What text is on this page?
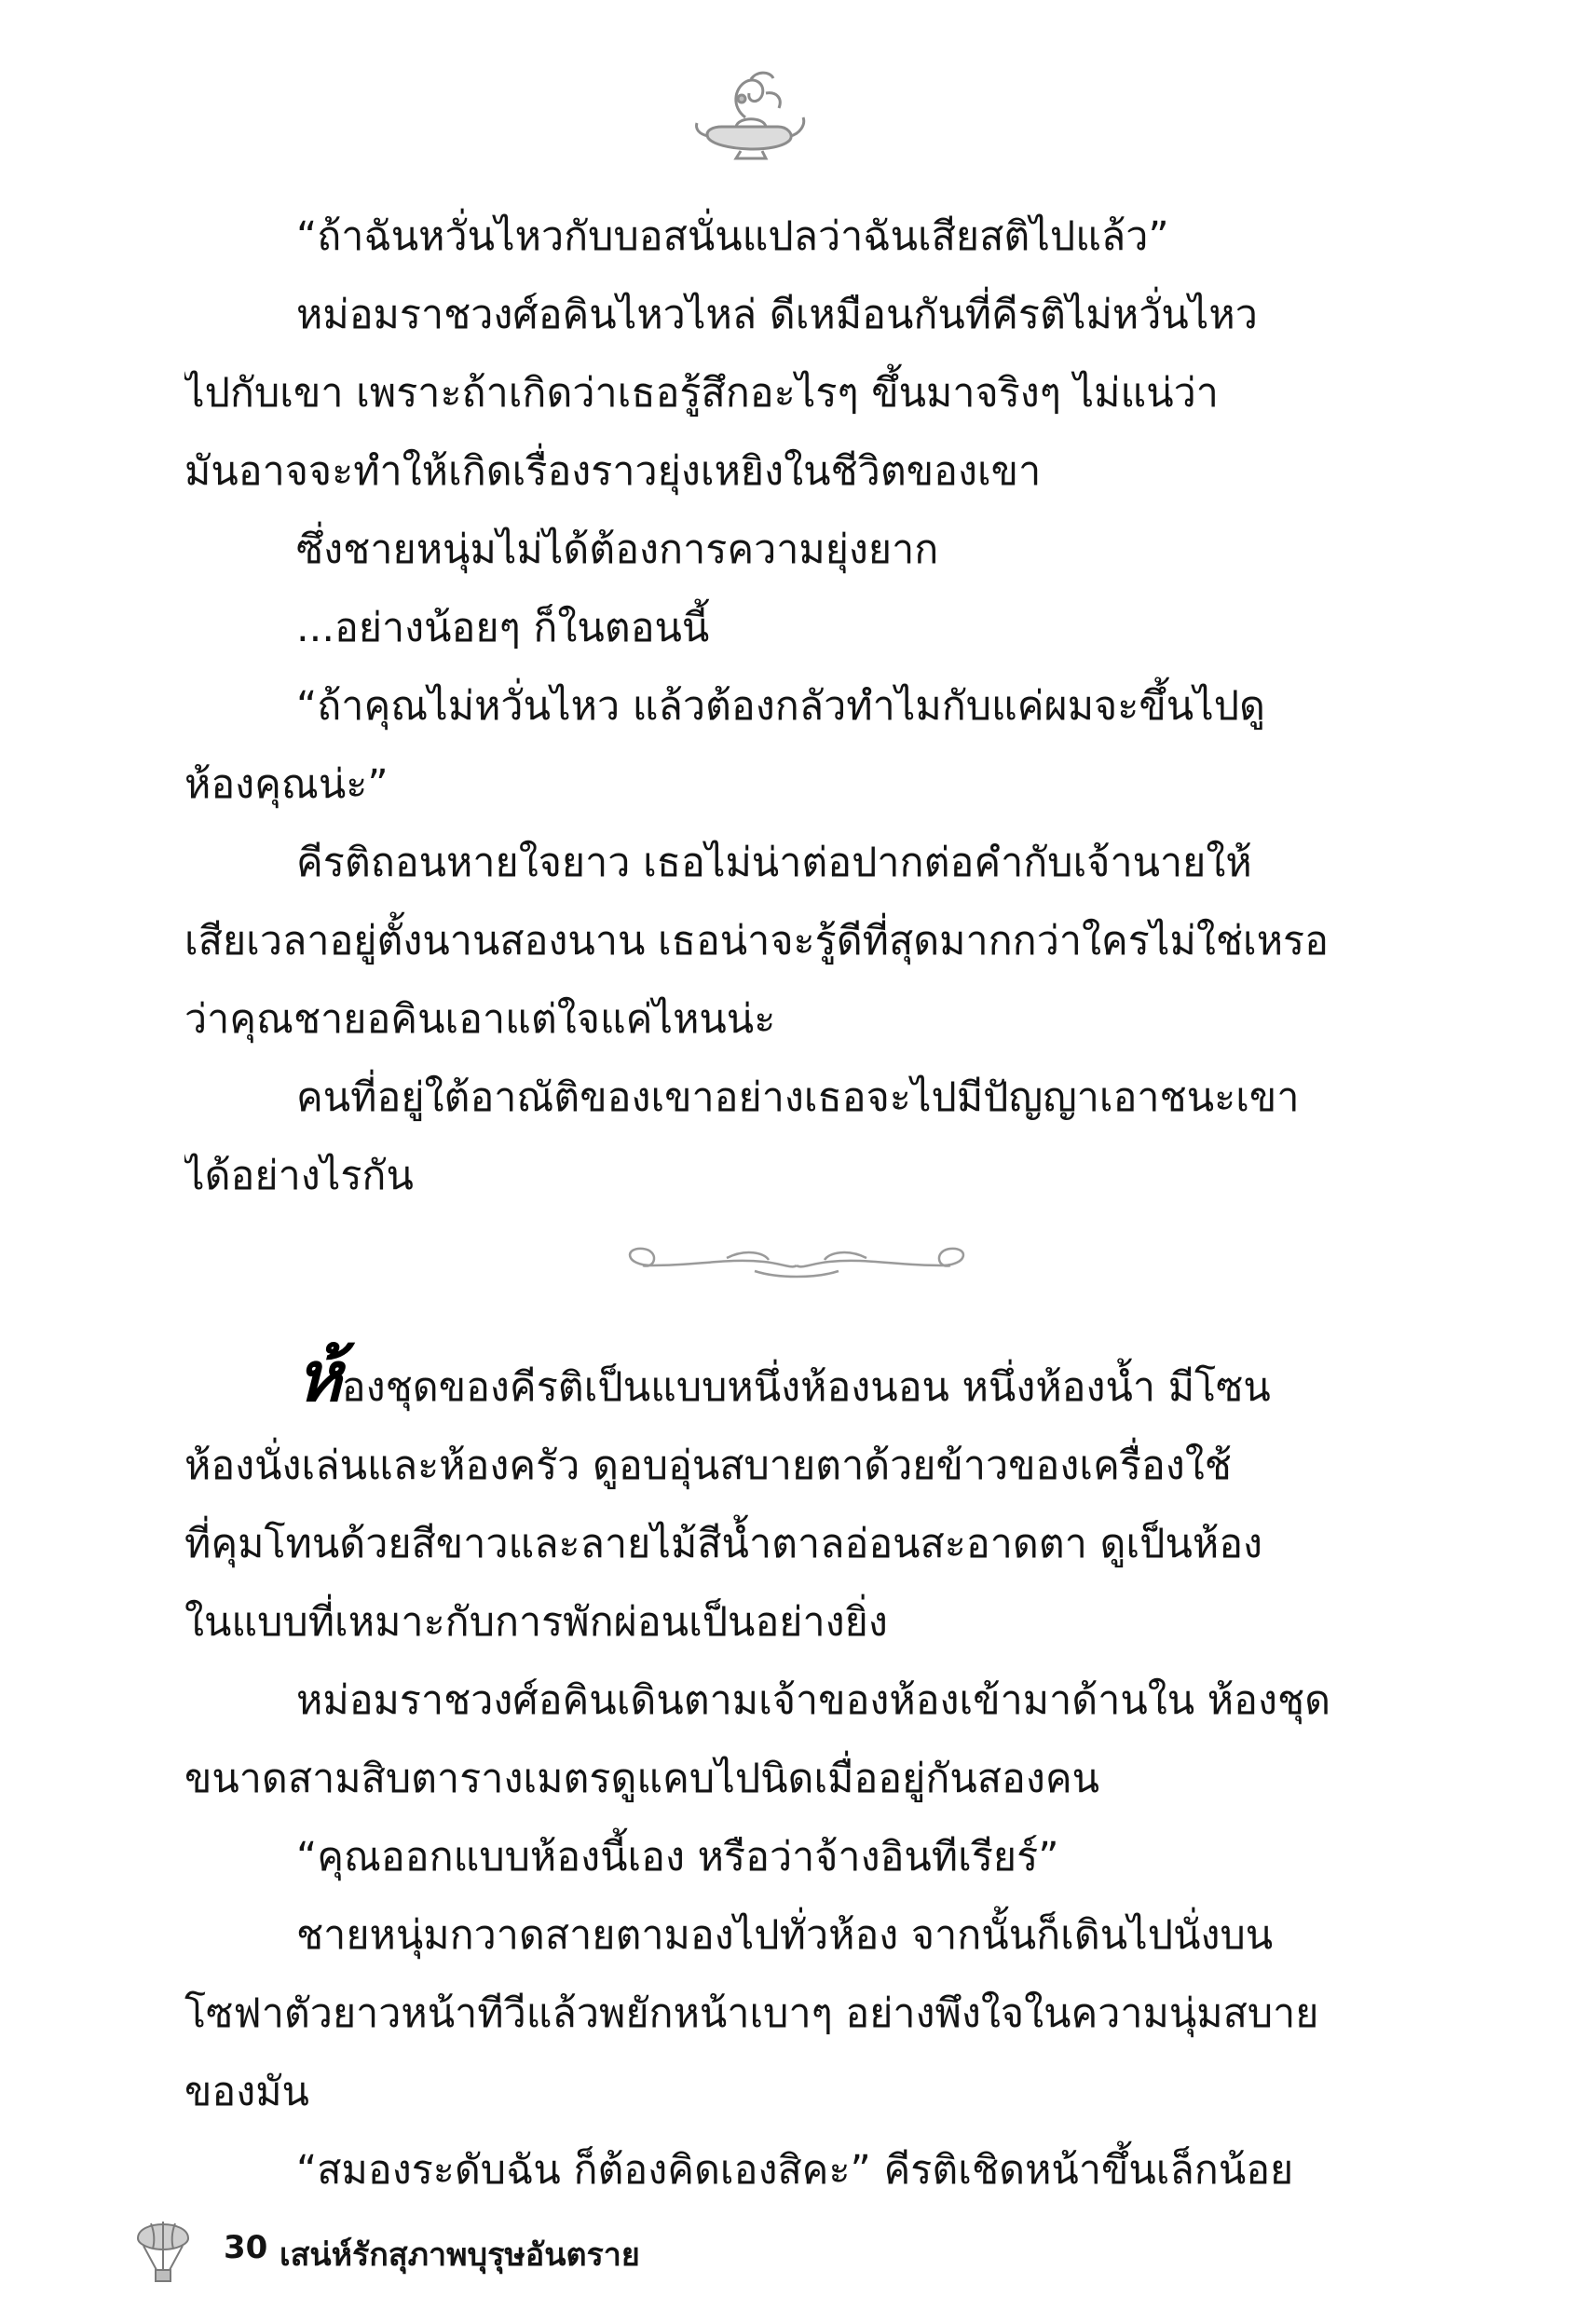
“ถ้าฉันหวั่นไหวกับบอสนั่นแปลว่าฉันเสียสติไปแล้ว”

หม่อมราชวงศ์อคินไหวไหล่ ดีเหมือนกันที่คีรติไม่หวั่นไหว

ไปกับเขา เพราะถ้าเกิดว่าเธอรู้สึกอะไรๆ ขึ้นมาจริงๆ ไม่แน่ว่า

มันอาจจะทำให้เกิดเรื่องราวยุ่งเหยิงในชีวิตของเขา

ซึ่งชายหนุ่มไม่ได้ต้องการความยุ่งยาก

...อย่างน้อยๆ ก็ในตอนนี้

“ถ้าคุณไม่หวั่นไหว แล้วต้องกลัวทำไมกับแค่ผมจะขึ้นไปดู

ห้องคุณน่ะ”

คีรติถอนหายใจยาว เธอไม่น่าต่อปากต่อคำกับเจ้านายให้

เสียเวลาอยู่ตั้งนานสองนาน เธอน่าจะรู้ดีที่สุดมากกว่าใครไม่ใช่เหรอ

ว่าคุณชายอคินเอาแต่ใจแค่ไหนน่ะ

คนที่อยู่ใต้อาณัติของเขาอย่างเธอจะไปมีปัญญาเอาชนะเขา

ได้อย่างไรกัน

ห้องชุดของคีรติเป็นแบบหนึ่งห้องนอน หนึ่งห้องน้ำ มีโซน

ห้องนั่งเล่นและห้องครัว ดูอบอุ่นสบายตาด้วยข้าวของเครื่องใช้

ที่คุมโทนด้วยสีขาวและลายไม้สีน้ำตาลอ่อนสะอาดตา ดูเป็นห้อง

ในแบบที่เหมาะกับการพักผ่อนเป็นอย่างยิ่ง

หม่อมราชวงศ์อคินเดินตามเจ้าของห้องเข้ามาด้านใน ห้องชุด

ขนาดสามสิบตารางเมตรดูแคบไปนิดเมื่ออยู่กันสองคน

“คุณออกแบบห้องนี้เอง หรือว่าจ้างอินทีเรียร์”

ชายหนุ่มกวาดสายตามองไปทั่วห้อง จากนั้นก็เดินไปนั่งบน

โซฟาตัวยาวหน้าทีวีแล้วพยักหน้าเบาๆ อย่างพึงใจในความนุ่มสบาย

ของมัน

“สมองระดับฉัน ก็ต้องคิดเองสิคะ” คีรติเชิดหน้าขึ้นเล็กน้อย

30 เสน่ห์รักสุภาพบุรุษอันตราย
